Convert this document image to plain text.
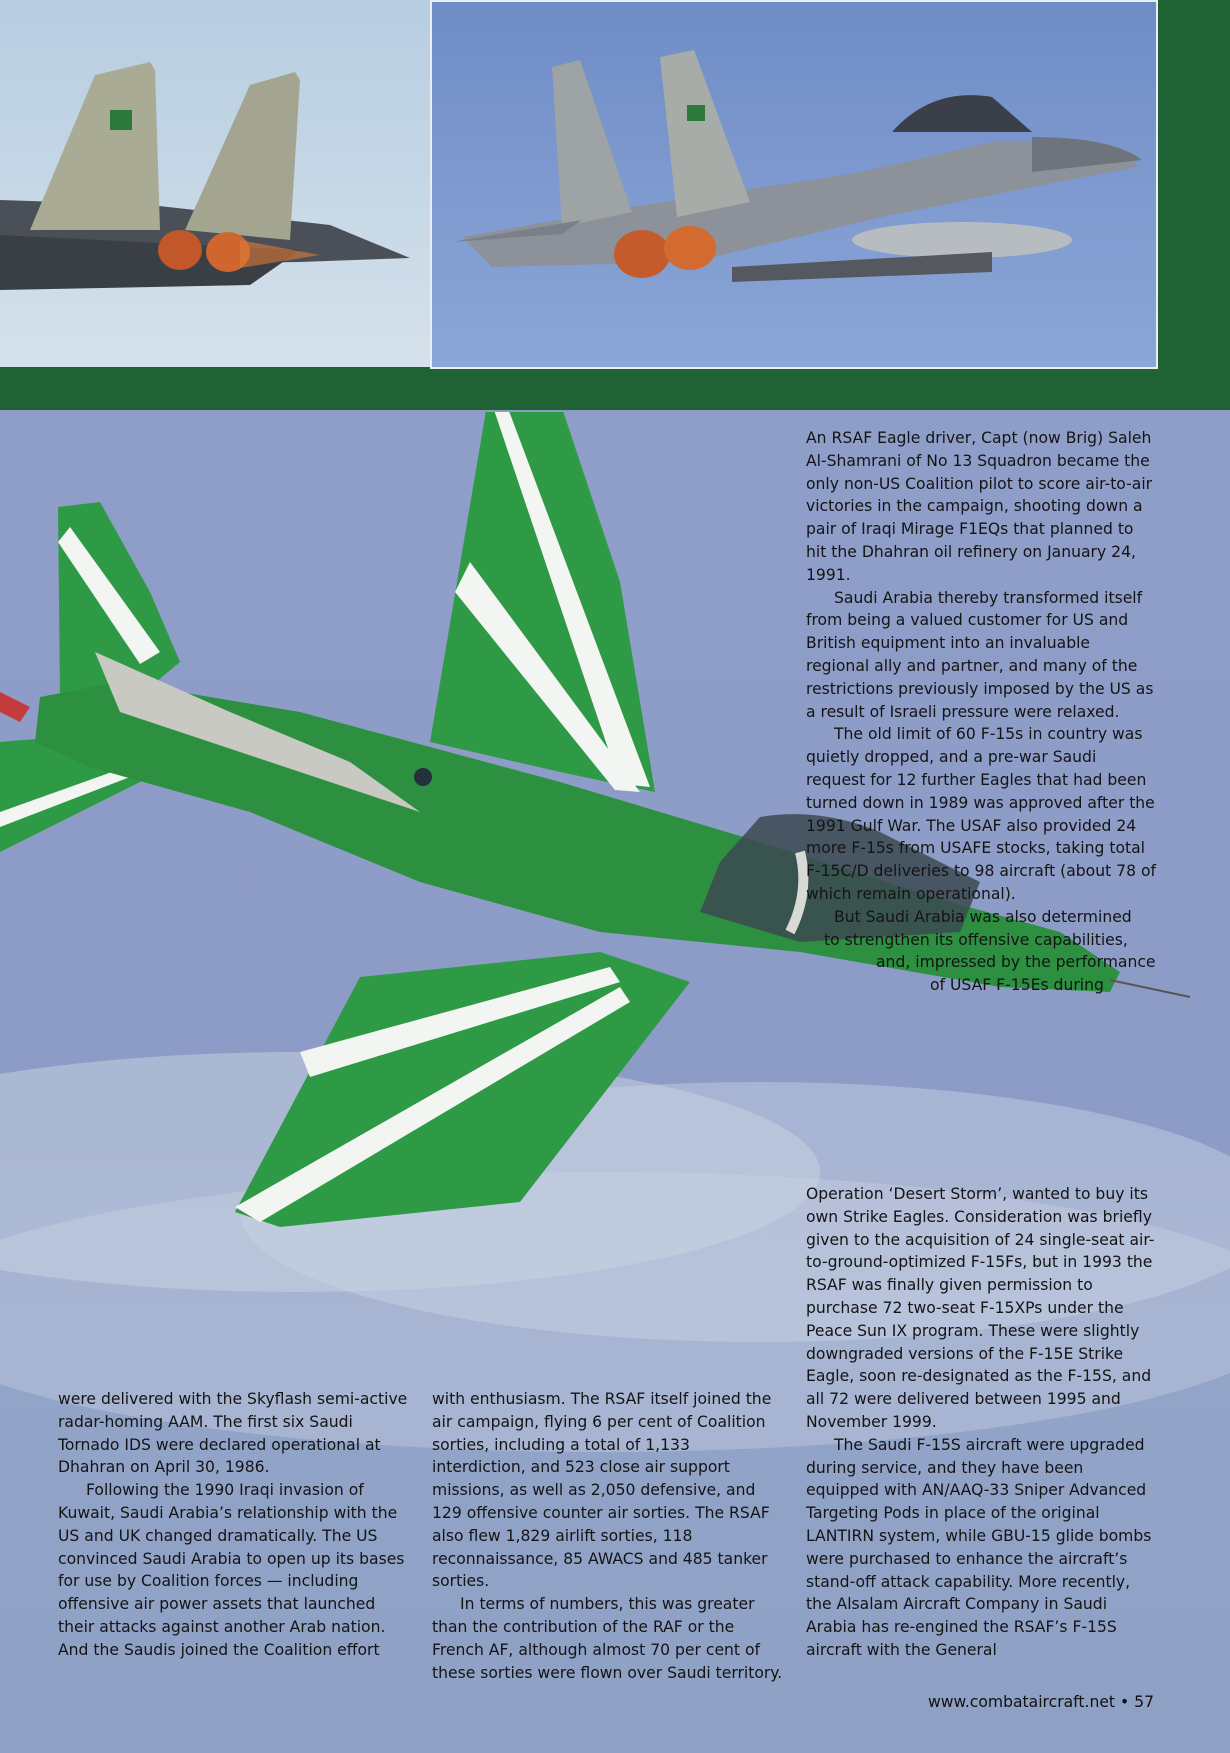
An RSAF Eagle driver, Capt (now Brig) Saleh Al-Shamrani of No 13 Squadron became the only non-US Coalition pilot to score air-to-air victories in the campaign, shooting down a pair of Iraqi Mirage F1EQs that planned to hit the Dhahran oil refinery on January 24, 1991.

Saudi Arabia thereby transformed itself from being a valued customer for US and British equipment into an invaluable regional ally and partner, and many of the restrictions previously imposed by the US as a result of Israeli pressure were relaxed.

The old limit of 60 F-15s in country was quietly dropped, and a pre-war Saudi request for 12 further Eagles that had been turned down in 1989 was approved after the 1991 Gulf War. The USAF also provided 24 more F-15s from USAFE stocks, taking total F-15C/D deliveries to 98 aircraft (about 78 of which remain operational).

But Saudi Arabia was also determined
to strengthen its offensive capabilities,
and, impressed by the performance
of USAF F-15Es during

Operation ‘Desert Storm’, wanted to buy its own Strike Eagles. Consideration was briefly given to the acquisition of 24 single-seat air-to-ground-optimized F-15Fs, but in 1993 the RSAF was finally given permission to purchase 72 two-seat F-15XPs under the Peace Sun IX program. These were slightly downgraded versions of the F-15E Strike Eagle, soon re-designated as the F-15S, and all 72 were delivered between 1995 and November 1999.

The Saudi F-15S aircraft were upgraded during service, and they have been equipped with AN/AAQ-33 Sniper Advanced Targeting Pods in place of the original LANTIRN system, while GBU-15 glide bombs were purchased to enhance the aircraft’s stand-off attack capability. More recently, the Alsalam Aircraft Company in Saudi Arabia has re-engined the RSAF’s F-15S aircraft with the General

were delivered with the Skyflash semi-active radar-homing AAM. The first six Saudi Tornado IDS were declared operational at Dhahran on April 30, 1986.

Following the 1990 Iraqi invasion of Kuwait, Saudi Arabia’s relationship with the US and UK changed dramatically. The US convinced Saudi Arabia to open up its bases for use by Coalition forces — including offensive air power assets that launched their attacks against another Arab nation. And the Saudis joined the Coalition effort

with enthusiasm. The RSAF itself joined the air campaign, flying 6 per cent of Coalition sorties, including a total of 1,133 interdiction, and 523 close air support missions, as well as 2,050 defensive, and 129 offensive counter air sorties. The RSAF also flew 1,829 airlift sorties, 118 reconnaissance, 85 AWACS and 485 tanker sorties.

In terms of numbers, this was greater than the contribution of the RAF or the French AF, although almost 70 per cent of these sorties were flown over Saudi territory.

www.combataircraft.net • 57
